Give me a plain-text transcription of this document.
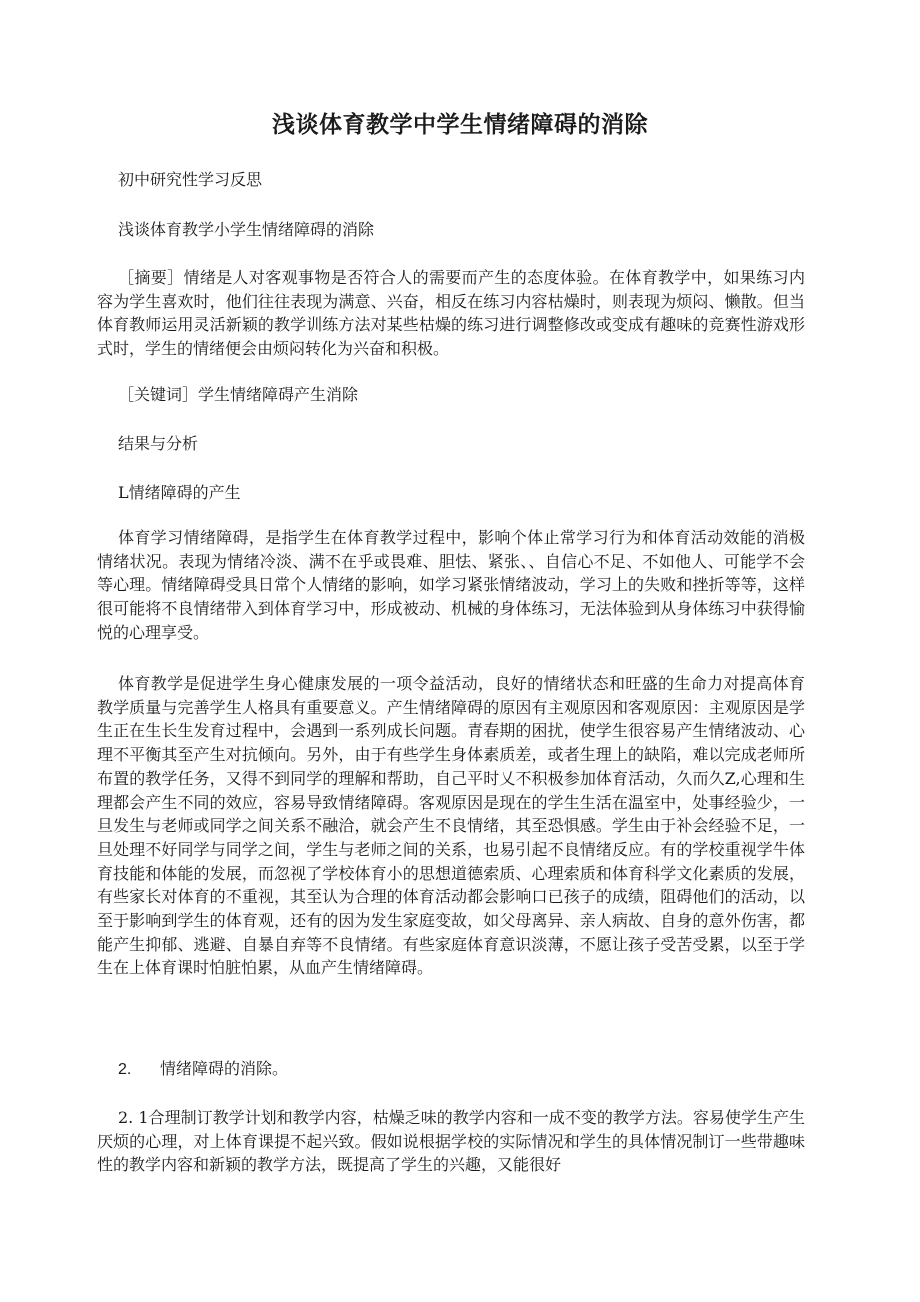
浅谈体育教学中学生情绪障碍的消除

初中研究性学习反思

浅谈体育教学小学生情绪障碍的消除

［摘要］情绪是人对客观事物是否符合人的需要而产生的态度体验。在体育教学中，如果练习内容为学生喜欢时，他们往往表现为满意、兴奋，相反在练习内容枯燥时，则表现为烦闷、懒散。但当体育教师运用灵活新颖的教学训练方法对某些枯燥的练习进行调整修改或变成有趣味的竞赛性游戏形式时，学生的情绪便会由烦闷转化为兴奋和积极。

［关键词］学生情绪障碍产生消除

结果与分析

L情绪障碍的产生

体育学习情绪障碍，是指学生在体育教学过程中，影响个体止常学习行为和体育活动效能的消极情绪状况。表现为情绪冷淡、满不在乎或畏难、胆怯、紧张、、自信心不足、不如他人、可能学不会等心理。情绪障碍受具日常个人情绪的影响，如学习紧张情绪波动，学习上的失败和挫折等等，这样很可能将不良情绪带入到体育学习中，形成被动、机械的身体练习，无法体验到从身体练习中获得愉悦的心理享受。

体育教学是促进学生身心健康发展的一项令益活动，良好的情绪状态和旺盛的生命力对提高体育教学质量与完善学生人格具有重要意义。产生情绪障碍的原因有主观原因和客观原因：主观原因是学生正在生长生发育过程中，会遇到一系列成长问题。青春期的困扰，使学生很容易产生情绪波动、心理不平衡其至产生对抗倾向。另外，由于有些学生身体素质差，或者生理上的缺陷，难以完成老师所布置的教学任务，又得不到同学的理解和帮助，自己平时乂不积极参加体育活动，久而久Z,心理和生理都会产生不同的效应，容易导致情绪障碍。客观原因是现在的学生生活在温室中，处事经验少，一旦发生与老师或同学之间关系不融洽，就会产生不良情绪，其至恐惧感。学生由于补会经验不足，一旦处理不好同学与同学之间，学生与老师之间的关系，也易引起不良情绪反应。有的学校重视学牛体育技能和体能的发展，而忽视了学校体育小的思想道德索质、心理索质和体育科学文化素质的发展，有些家长对体育的不重视，其至认为合理的体育活动都会影响口已孩子的成绩，阻碍他们的活动，以至于影响到学生的体育观，还有的因为发生家庭变故，如父母离异、亲人病故、自身的意外伤害，都能产生抑郁、逃避、自暴自弃等不良情绪。有些家庭体育意识淡薄，不愿让孩子受苦受累，以至于学生在上体育课时怕脏怕累，从血产生情绪障碍。

2. 情绪障碍的消除。

2. 1合理制订教学计划和教学内容，枯燥乏味的教学内容和一成不变的教学方法。容易使学生产生厌烦的心理，对上体育课提不起兴致。假如说根据学校的实际情况和学生的具体情况制订一些带趣味性的教学内容和新颖的教学方法，既提高了学生的兴趣，又能很好
